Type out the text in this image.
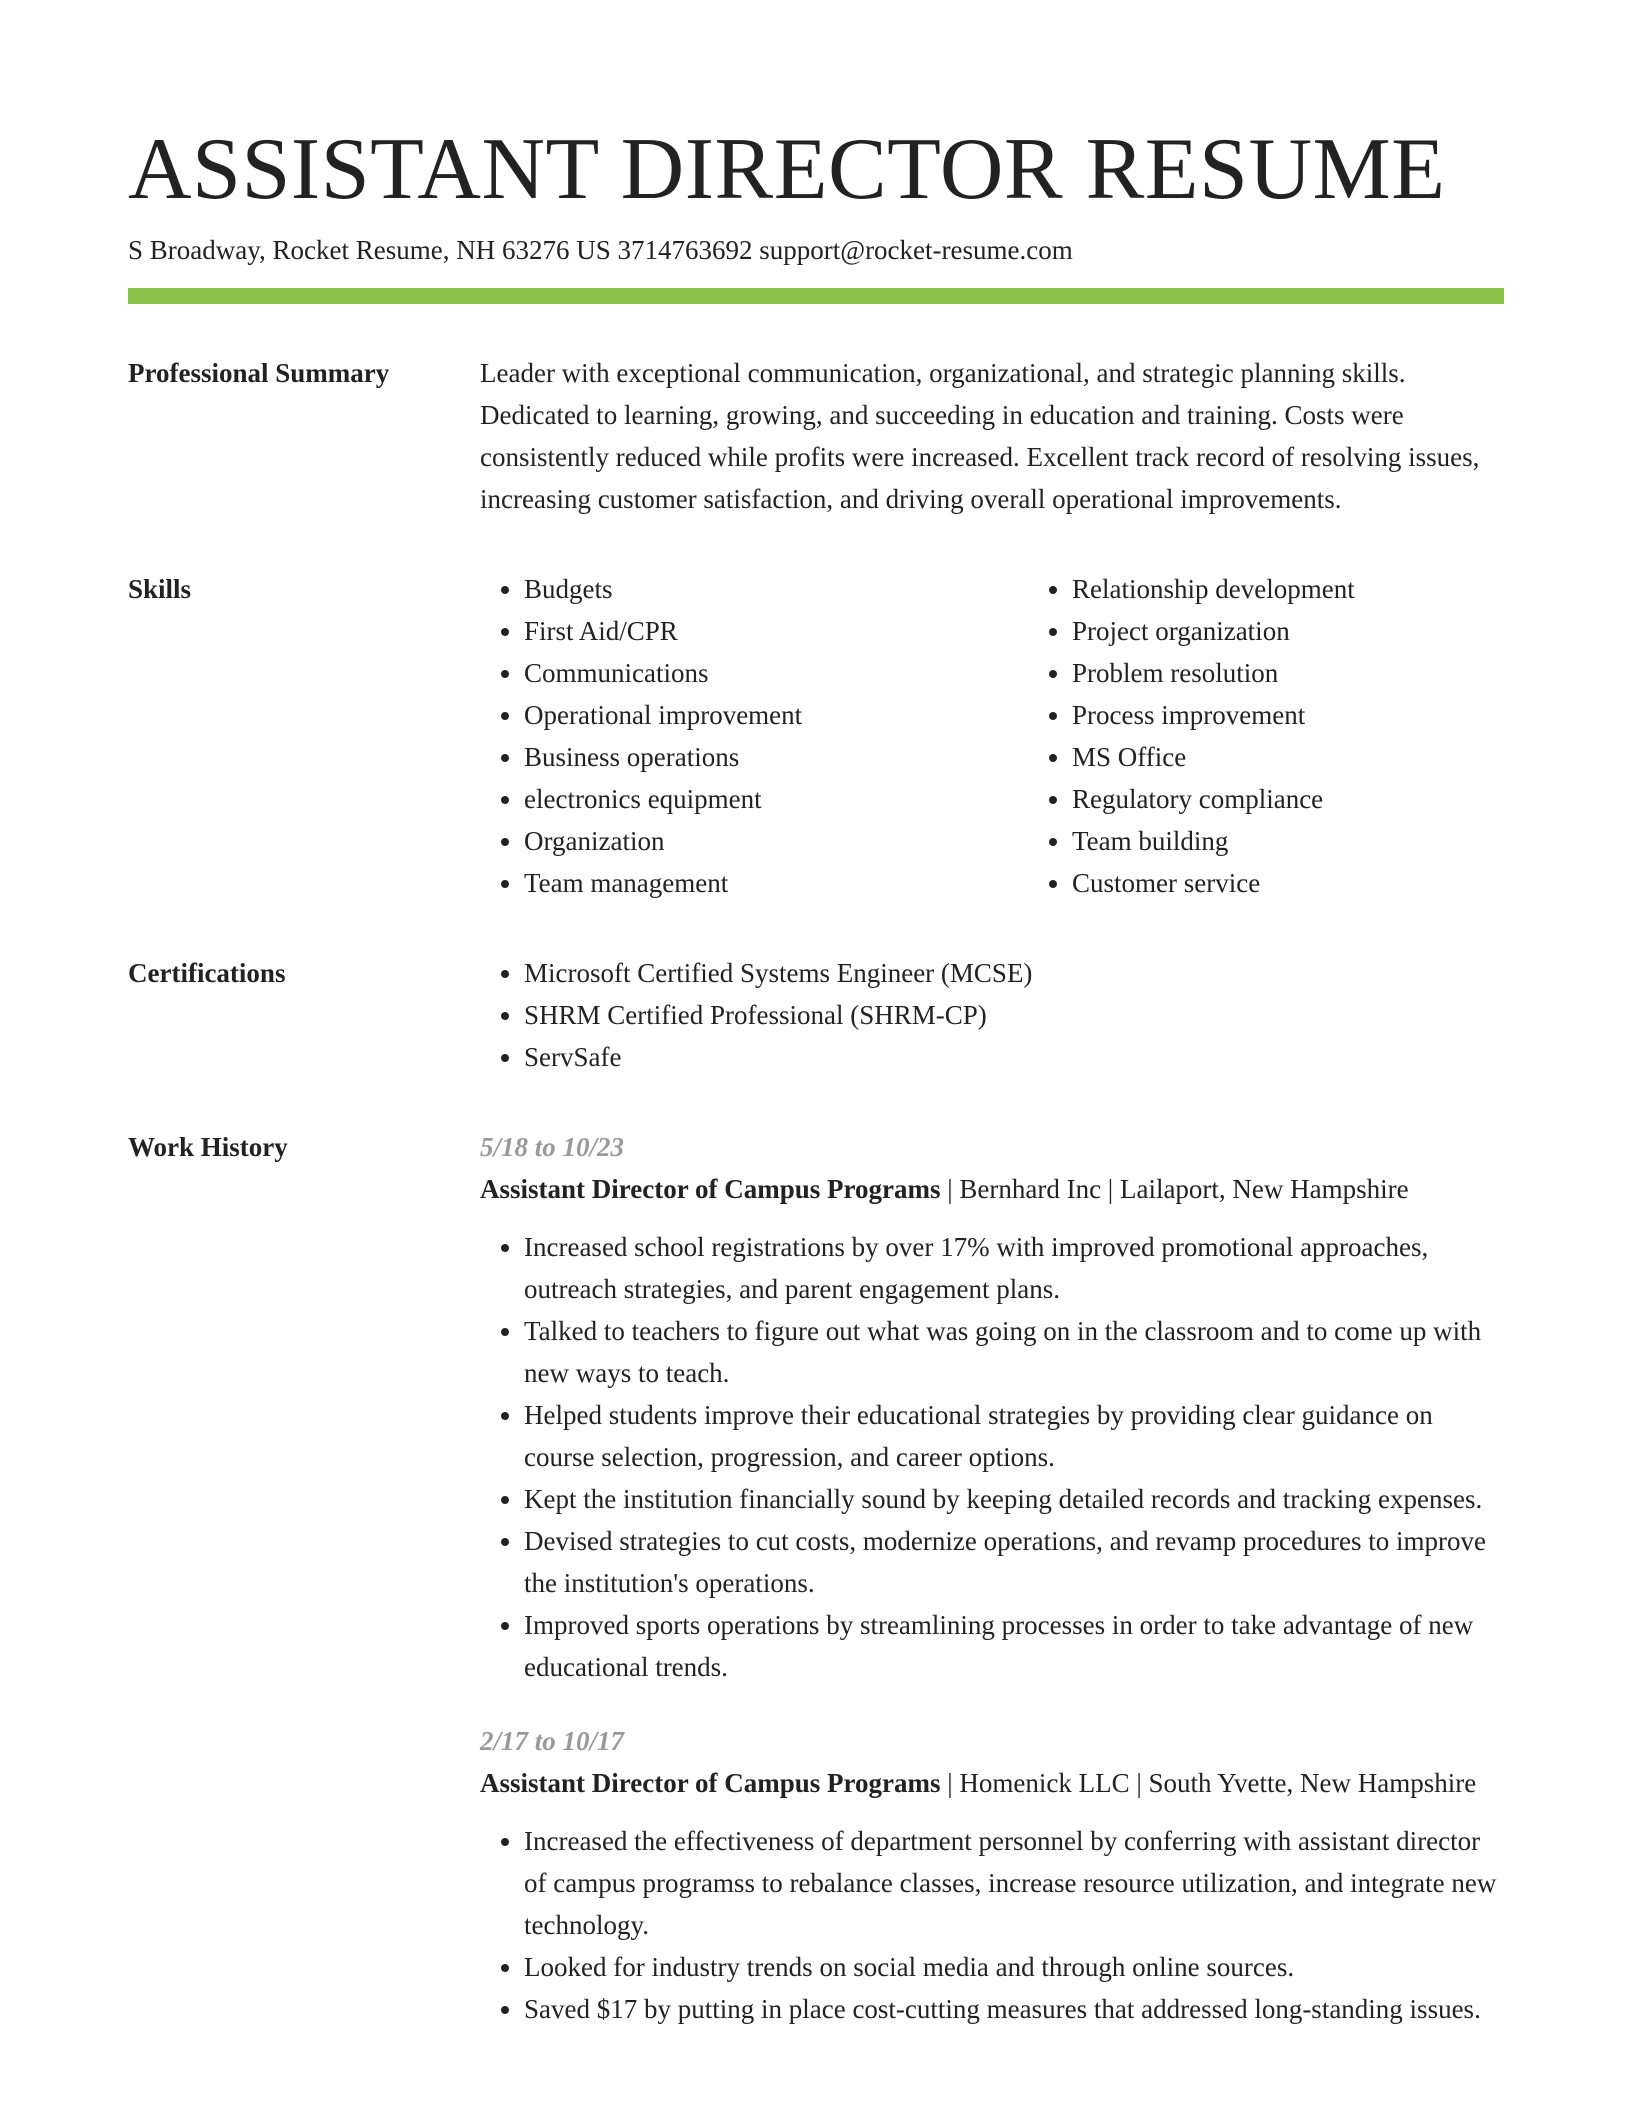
ASSISTANT DIRECTOR RESUME
S Broadway, Rocket Resume, NH 63276 US 3714763692 support@rocket-resume.com
Professional Summary	Leader with exceptional communication, organizational, and strategic planning skills. Dedicated to learning, growing, and succeeding in education and training. Costs were consistently reduced while profits were increased. Excellent track record of resolving issues, increasing customer satisfaction, and driving overall operational improvements.

Skills	• Budgets
• First Aid/CPR
• Communications
• Operational improvement
• Business operations
• electronics equipment
• Organization
• Team management
• Relationship development
• Project organization
• Problem resolution
• Process improvement
• MS Office
• Regulatory compliance
• Team building
• Customer service
Certifications	• Microsoft Certified Systems Engineer (MCSE)
• SHRM Certified Professional (SHRM-CP)
• ServSafe
Work History	5/18 to 10/23
Assistant Director of Campus Programs | Bernhard Inc | Lailaport, New Hampshire
• Increased school registrations by over 17% with improved promotional approaches, outreach strategies, and parent engagement plans.
• Talked to teachers to figure out what was going on in the classroom and to come up with new ways to teach.
• Helped students improve their educational strategies by providing clear guidance on course selection, progression, and career options.
• Kept the institution financially sound by keeping detailed records and tracking expenses.
• Devised strategies to cut costs, modernize operations, and revamp procedures to improve the institution's operations.
• Improved sports operations by streamlining processes in order to take advantage of new educational trends.
2/17 to 10/17
Assistant Director of Campus Programs | Homenick LLC | South Yvette, New Hampshire
• Increased the effectiveness of department personnel by conferring with assistant director of campus programss to rebalance classes, increase resource utilization, and integrate new technology.
• Looked for industry trends on social media and through online sources.
• Saved $17 by putting in place cost-cutting measures that addressed long-standing issues.
